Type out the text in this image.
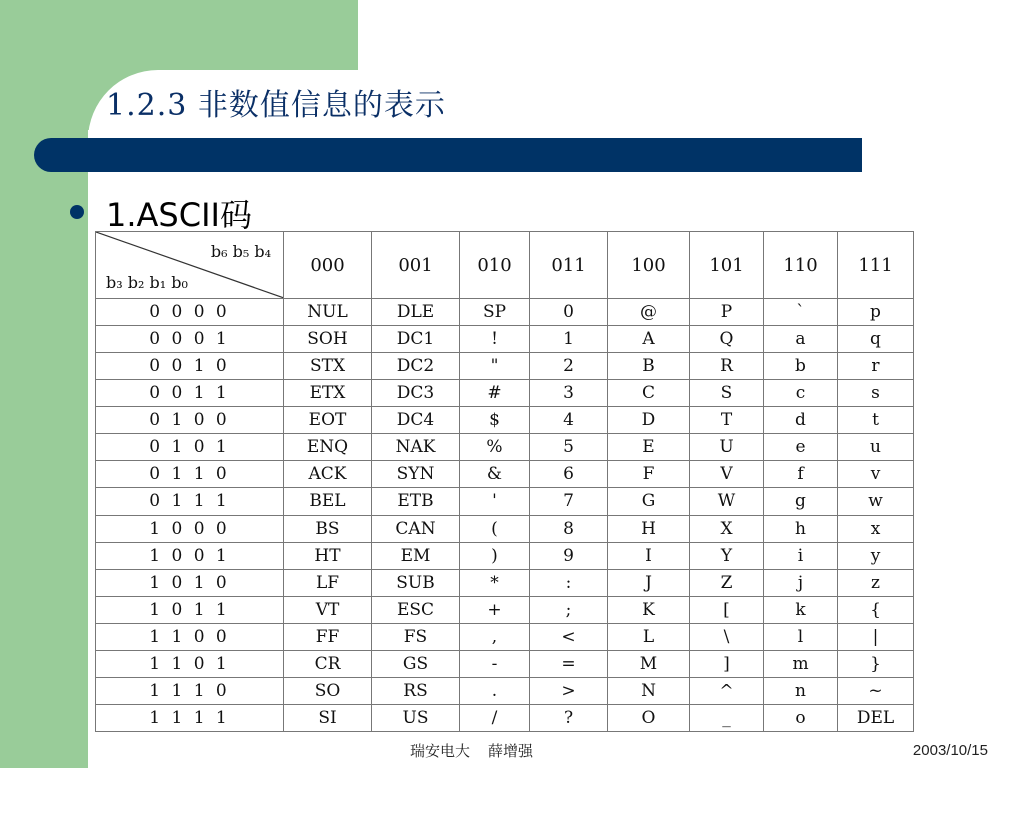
1.2.3 非数值信息的表示
1.ASCII码
b₆ b₅ b₄
b₃ b₂ b₁ b₀	000	001	010	011	100	101	110	111
0 0 0 0	NUL	DLE	SP	0	@	P	`	p
0 0 0 1	SOH	DC1	!	1	A	Q	a	q
0 0 1 0	STX	DC2	"	2	B	R	b	r
0 0 1 1	ETX	DC3	#	3	C	S	c	s
0 1 0 0	EOT	DC4	$	4	D	T	d	t
0 1 0 1	ENQ	NAK	%	5	E	U	e	u
0 1 1 0	ACK	SYN	&	6	F	V	f	v
0 1 1 1	BEL	ETB	'	7	G	W	g	w
1 0 0 0	BS	CAN	(	8	H	X	h	x
1 0 0 1	HT	EM	)	9	I	Y	i	y
1 0 1 0	LF	SUB	*	:	J	Z	j	z
1 0 1 1	VT	ESC	+	;	K	[	k	{
1 1 0 0	FF	FS	,	<	L	\	l	|
1 1 0 1	CR	GS	-	=	M	]	m	}
1 1 1 0	SO	RS	.	>	N	^	n	~
1 1 1 1	SI	US	/	?	O	_	o	DEL
瑞安电大 薛增强	2003/10/15
